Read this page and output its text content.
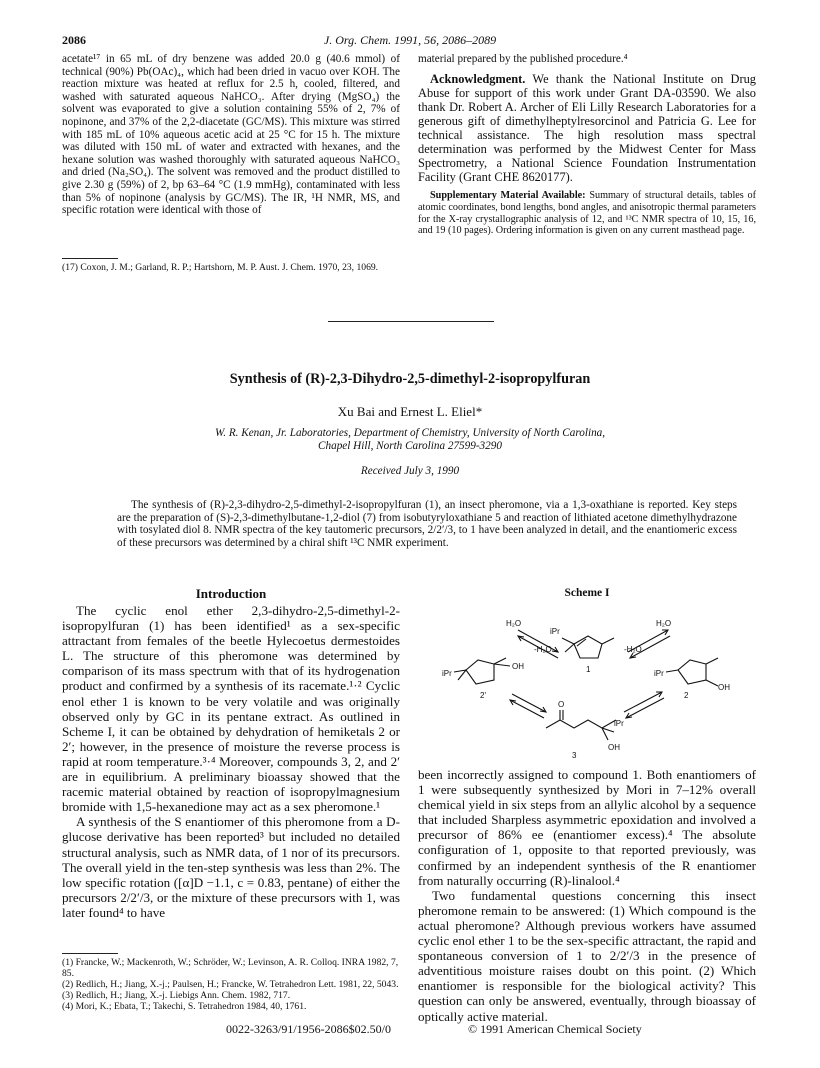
2086	J. Org. Chem. 1991, 56, 2086–2089

acetate¹⁷ in 65 mL of dry benzene was added 20.0 g (40.6 mmol) of technical (90%) Pb(OAc)₄, which had been dried in vacuo over KOH. The reaction mixture was heated at reflux for 2.5 h, cooled, filtered, and washed with saturated aqueous NaHCO₃. After drying (MgSO₄) the solvent was evaporated to give a solution containing 55% of 2, 7% of nopinone, and 37% of the 2,2-diacetate (GC/MS). This mixture was stirred with 185 mL of 10% aqueous acetic acid at 25 °C for 15 h. The mixture was diluted with 150 mL of water and extracted with hexanes, and the hexane solution was washed thoroughly with saturated aqueous NaHCO₃ and dried (Na₂SO₄). The solvent was removed and the product distilled to give 2.30 g (59%) of 2, bp 63–64 °C (1.9 mmHg), contaminated with less than 5% of nopinone (analysis by GC/MS). The IR, ¹H NMR, MS, and specific rotation were identical with those of

(17) Coxon, J. M.; Garland, R. P.; Hartshorn, M. P. Aust. J. Chem. 1970, 23, 1069.

material prepared by the published procedure.⁴

Acknowledgment. We thank the National Institute on Drug Abuse for support of this work under Grant DA-03590. We also thank Dr. Robert A. Archer of Eli Lilly Research Laboratories for a generous gift of dimethylheptylresorcinol and Patricia G. Lee for technical assistance. The high resolution mass spectral determination was performed by the Midwest Center for Mass Spectrometry, a National Science Foundation Instrumentation Facility (Grant CHE 8620177).

Supplementary Material Available: Summary of structural details, tables of atomic coordinates, bond lengths, bond angles, and anisotropic thermal parameters for the X-ray crystallographic analysis of 12, and ¹³C NMR spectra of 10, 15, 16, and 19 (10 pages). Ordering information is given on any current masthead page.

Synthesis of (R)-2,3-Dihydro-2,5-dimethyl-2-isopropylfuran
Xu Bai and Ernest L. Eliel*
W. R. Kenan, Jr. Laboratories, Department of Chemistry, University of North Carolina,
Chapel Hill, North Carolina 27599-3290
Received July 3, 1990
The synthesis of (R)-2,3-dihydro-2,5-dimethyl-2-isopropylfuran (1), an insect pheromone, via a 1,3-oxathiane is reported. Key steps are the preparation of (S)-2,3-dimethylbutane-1,2-diol (7) from isobutyryloxathiane 5 and reaction of lithiated acetone dimethylhydrazone with tosylated diol 8. NMR spectra of the key tautomeric precursors, 2/2′/3, to 1 have been analyzed in detail, and the enantiomeric excess of these precursors was determined by a chiral shift ¹³C NMR experiment.
Introduction

The cyclic enol ether 2,3-dihydro-2,5-dimethyl-2-isopropylfuran (1) has been identified¹ as a sex-specific attractant from females of the beetle Hylecoetus dermestoides L. The structure of this pheromone was determined by comparison of its mass spectrum with that of its hydrogenation product and confirmed by a synthesis of its racemate.¹·² Cyclic enol ether 1 is known to be very volatile and was originally observed only by GC in its pentane extract. As outlined in Scheme I, it can be obtained by dehydration of hemiketals 2 or 2′; however, in the presence of moisture the reverse process is rapid at room temperature.³·⁴ Moreover, compounds 3, 2, and 2′ are in equilibrium. A preliminary bioassay showed that the racemic material obtained by reaction of isopropylmagnesium bromide with 1,5-hexanedione may act as a sex pheromone.¹

A synthesis of the S enantiomer of this pheromone from a D-glucose derivative has been reported³ but included no detailed structural analysis, such as NMR data, of 1 nor of its precursors. The overall yield in the ten-step synthesis was less than 2%. The low specific rotation ([α]D −1.1, c = 0.83, pentane) of either the precursors 2/2′/3, or the mixture of these precursors with 1, was later found⁴ to have

(1) Francke, W.; Mackenroth, W.; Schröder, W.; Levinson, A. R. Colloq. INRA 1982, 7, 85.

(2) Redlich, H.; Jiang, X.-j.; Paulsen, H.; Francke, W. Tetrahedron Lett. 1981, 22, 5043.

(3) Redlich, H.; Jiang, X.-j. Liebigs Ann. Chem. 1982, 717.

(4) Mori, K.; Ebata, T.; Takechi, S. Tetrahedron 1984, 40, 1761.

Scheme I
H₂O
-H₂O
iPr
1
H₂O
-H₂O
OH
iPr
2'
iPr
OH
2
O
iPr
OH
3

been incorrectly assigned to compound 1. Both enantiomers of 1 were subsequently synthesized by Mori in 7–12% overall chemical yield in six steps from an allylic alcohol by a sequence that included Sharpless asymmetric epoxidation and involved a precursor of 86% ee (enantiomer excess).⁴ The absolute configuration of 1, opposite to that reported previously, was confirmed by an independent synthesis of the R enantiomer from naturally occurring (R)-linalool.⁴

Two fundamental questions concerning this insect pheromone remain to be answered: (1) Which compound is the actual pheromone? Although previous workers have assumed cyclic enol ether 1 to be the sex-specific attractant, the rapid and spontaneous conversion of 1 to 2/2′/3 in the presence of adventitious moisture raises doubt on this point. (2) Which enantiomer is responsible for the biological activity? This question can only be answered, eventually, through bioassay of optically active material.

0022-3263/91/1956-2086$02.50/0	© 1991 American Chemical Society
